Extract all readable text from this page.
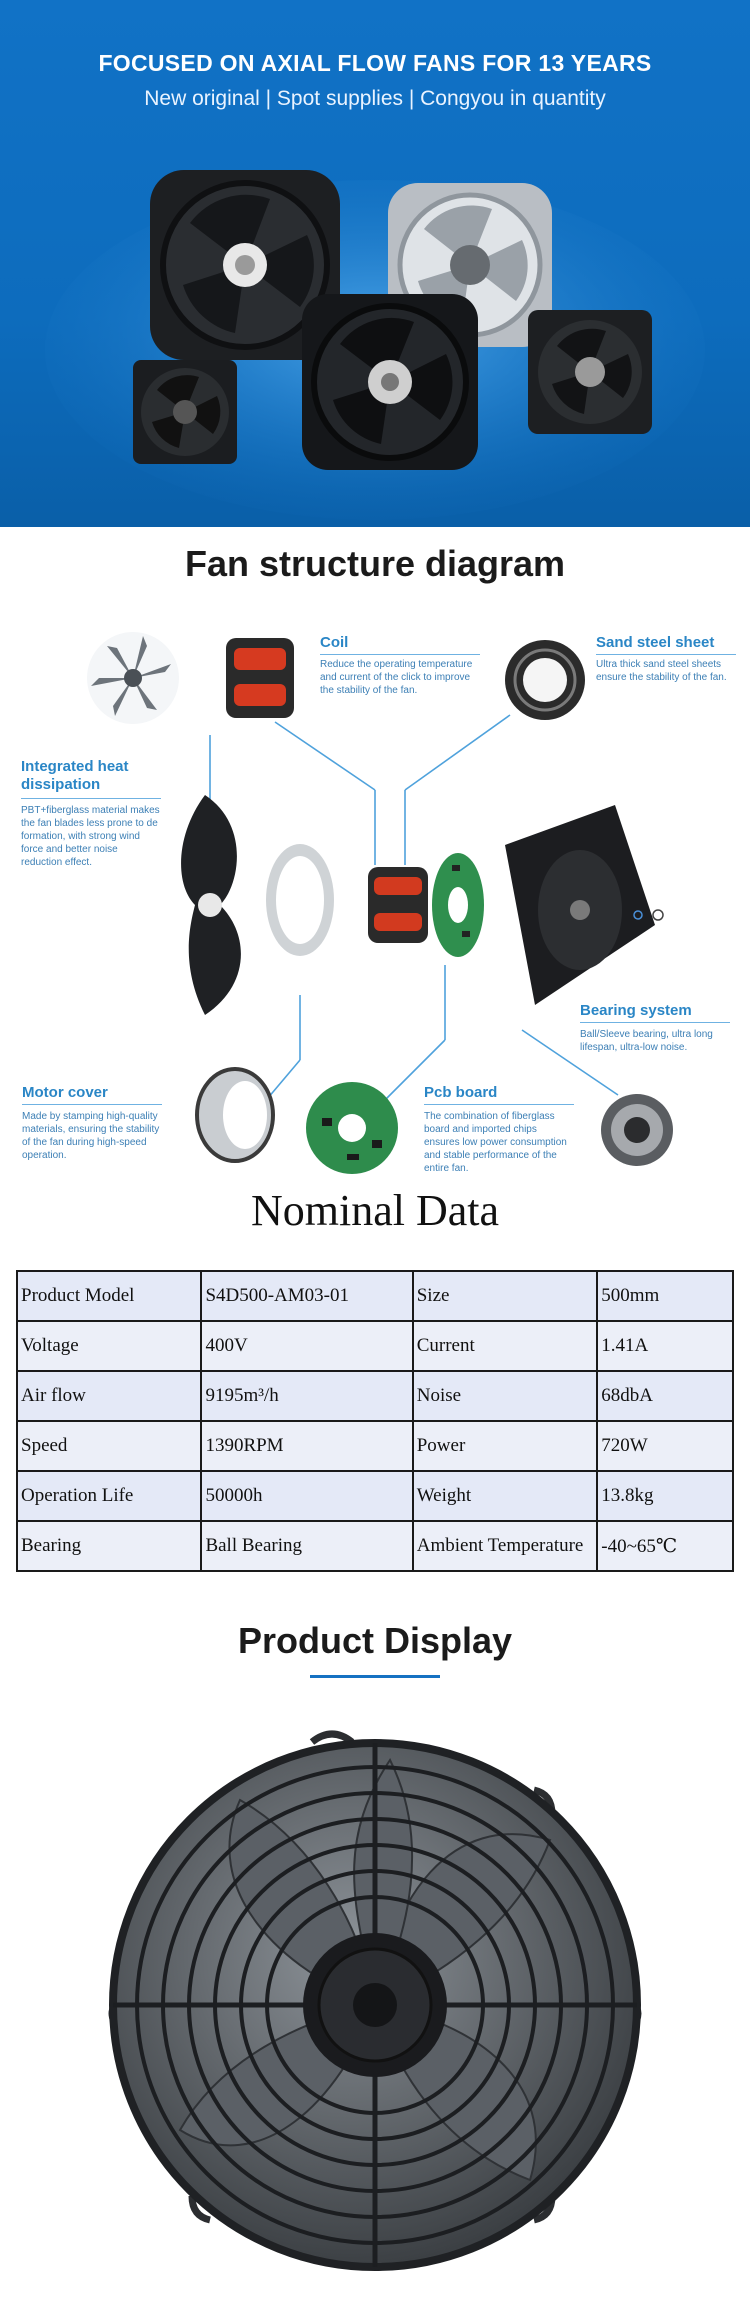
FOCUSED ON AXIAL FLOW FANS FOR 13 YEARS
New original | Spot supplies | Congyou in quantity
Fan structure diagram
Coil
Reduce the operating temperature
and current of the click to improve
the stability of the fan.
Sand steel sheet
Ultra thick sand steel sheets
ensure the stability of the fan.
Integrated heat
dissipation
PBT+fiberglass material makes
the fan blades less prone to de
formation, with strong wind
force and better noise
reduction effect.
Bearing system
Ball/Sleeve bearing, ultra long
lifespan, ultra-low noise.
Motor cover
Made by stamping high-quality
materials, ensuring the stability
of the fan during high-speed
operation.
Pcb board
The combination of fiberglass
board and imported chips
ensures low power consumption
and stable performance of the
entire fan.
Nominal Data
Product Model	S4D500-AM03-01	Size	500mm
Voltage	400V	Current	1.41A
Air flow	9195m³/h	Noise	68dbA
Speed	1390RPM	Power	720W
Operation Life	50000h	Weight	13.8kg
Bearing	Ball Bearing	Ambient Temperature	-40~65℃
Product Display
